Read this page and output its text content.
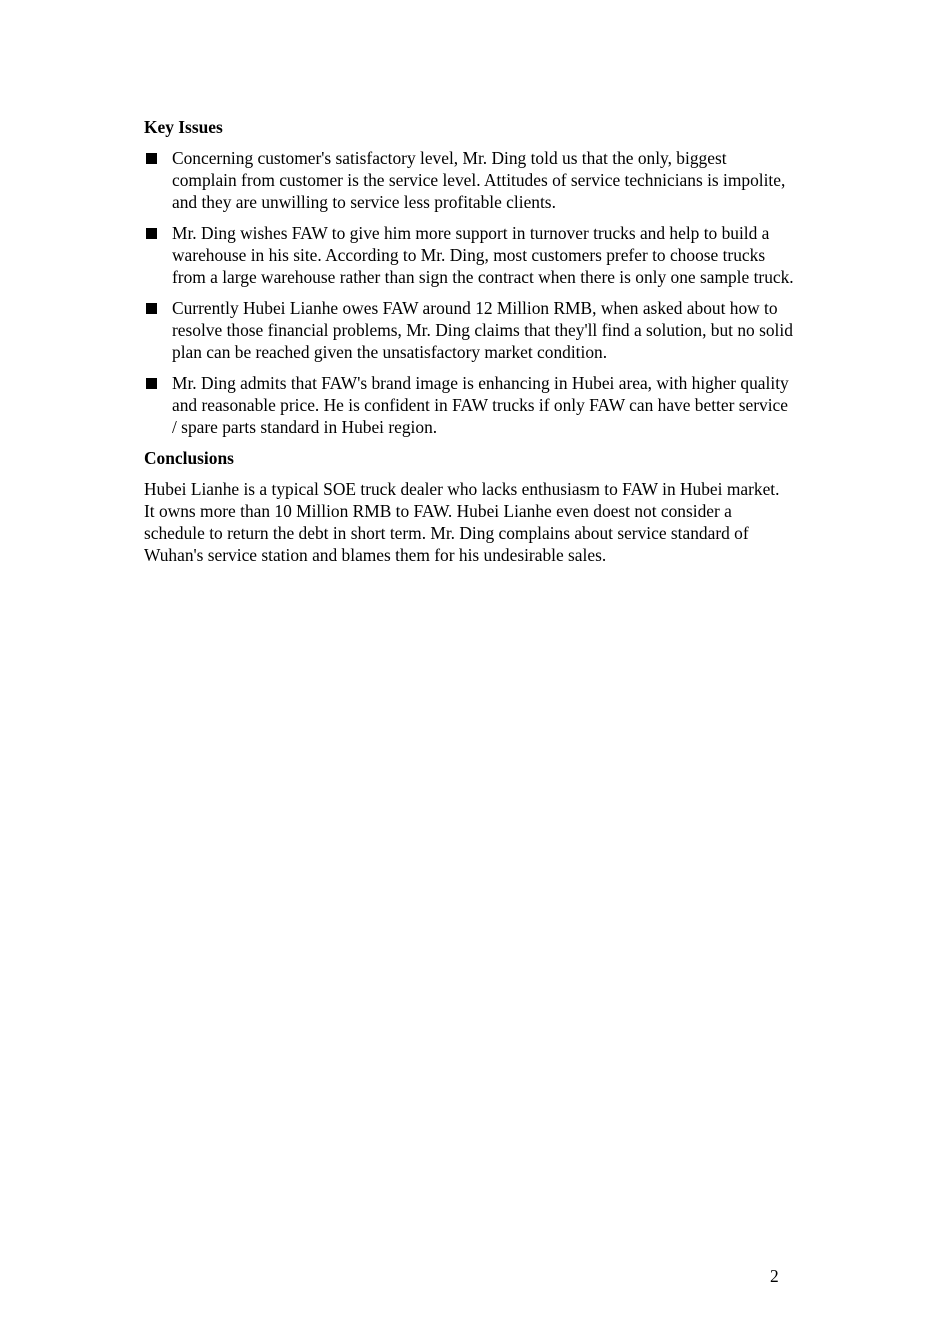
Key Issues
Concerning customer's satisfactory level, Mr. Ding told us that the only, biggest complain from customer is the service level. Attitudes of service technicians is impolite, and they are unwilling to service less profitable clients.
Mr. Ding wishes FAW to give him more support in turnover trucks and help to build a warehouse in his site. According to Mr. Ding, most customers prefer to choose trucks from a large warehouse rather than sign the contract when there is only one sample truck.
Currently Hubei Lianhe owes FAW around 12 Million RMB, when asked about how to resolve those financial problems, Mr. Ding claims that they'll find a solution, but no solid plan can be reached given the unsatisfactory market condition.
Mr. Ding admits that FAW's brand image is enhancing in Hubei area, with higher quality and reasonable price. He is confident in FAW trucks if only FAW can have better service / spare parts standard in Hubei region.
Conclusions

Hubei Lianhe is a typical SOE truck dealer who lacks enthusiasm to FAW in Hubei market. It owns more than 10 Million RMB to FAW. Hubei Lianhe even doest not consider a schedule to return the debt in short term. Mr. Ding complains about service standard of Wuhan's service station and blames them for his undesirable sales.

2
